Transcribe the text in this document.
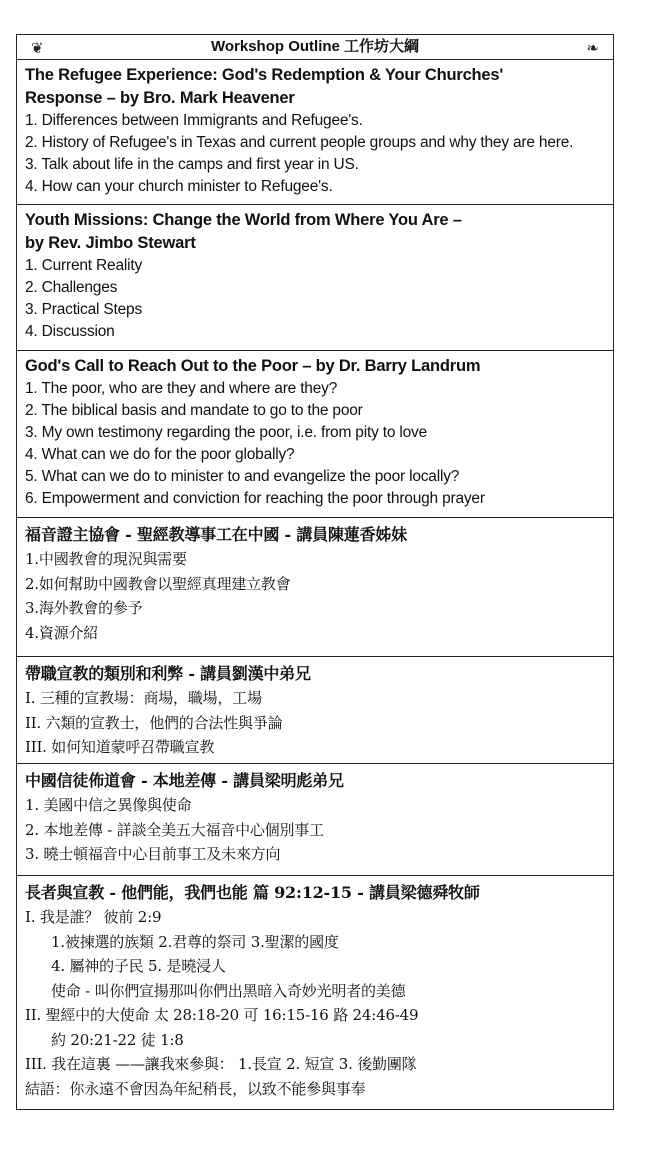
❦	Workshop Outline 工作坊大綱	❧
The Refugee Experience: God's Redemption & Your Churches'
Response – by Bro. Mark Heavener
1. Differences between Immigrants and Refugee's.
2. History of Refugee's in Texas and current people groups and why they are here.
3. Talk about life in the camps and first year in US.
4. How can your church minister to Refugee's.
Youth Missions: Change the World from Where You Are –
by Rev. Jimbo Stewart
1. Current Reality
2. Challenges
3. Practical Steps
4. Discussion
God's Call to Reach Out to the Poor – by Dr. Barry Landrum
1. The poor, who are they and where are they?
2. The biblical basis and mandate to go to the poor
3. My own testimony regarding the poor, i.e. from pity to love
4. What can we do for the poor globally?
5. What can we do to minister to and evangelize the poor locally?
6. Empowerment and conviction for reaching the poor through prayer
福音證主協會 - 聖經教導事工在中國 - 講員陳蓮香姊妹
1.中國教會的現況與需要
2.如何幫助中國教會以聖經真理建立教會
3.海外教會的參予
4.資源介紹
帶職宣教的類別和利弊 - 講員劉漢中弟兄
I. 三種的宣教場：商場，職場，工場
II. 六類的宣教士，他們的合法性與爭論
III. 如何知道蒙呼召帶職宣教
中國信徒佈道會 - 本地差傳 - 講員梁明彪弟兄
1. 美國中信之異像與使命
2. 本地差傳 - 詳談全美五大福音中心個別事工
3. 曉士頓福音中心目前事工及未來方向
長者與宣教 - 他們能，我們也能 篇 92:12-15 - 講員梁德舜牧師
I. 我是誰？ 彼前 2:9
1.被揀選的族類 2.君尊的祭司 3.聖潔的國度
4. 屬神的子民 5. 是曉浸人
使命 - 叫你們宣揚那叫你們出黑暗入奇妙光明者的美德
II. 聖經中的大使命 太 28:18-20 可 16:15-16 路 24:46-49
約 20:21-22 徒 1:8
III. 我在這裏 ——讓我來參與： 1.長宣 2. 短宣 3. 後勤團隊
結語：你永遠不會因為年紀稍長，以致不能參與事奉
